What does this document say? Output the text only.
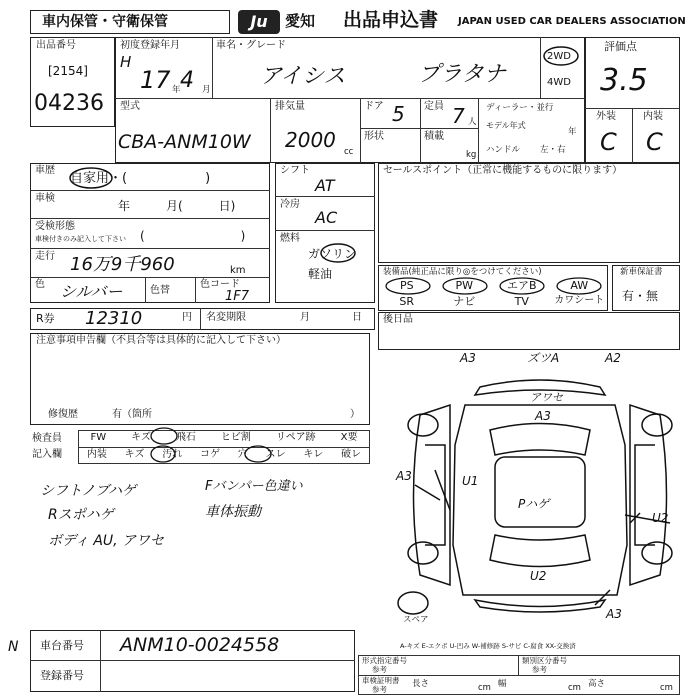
車内保管・守衛保管	Ju	愛知 出品申込書 JAPAN USED CAR DEALERS ASSOCIATION
出品番号
[2154]
04236
初度登録年月
H
17 年 4 月
車名・グレード
アイシス	プラタナ
2WD
4WD
評価点
3.5
外装	内装
C C
型式
CBA-ANM10W
排気量
2000 cc
ドア 5 定員 7 人
形状	積載
kg
ディーラー・並行
モデル年式
年
ハンドル 左・右
車歴
自家用・(　　　　　　)
車検
年　　　月(　　　日)
受検形態
車検付きのみ記入して下さい (　　　　　　　　)
走行 16万9千960	km
色 シルバー	色替
色コード
1F7
シフト
AT
冷房
AC
燃料
ガソリン
軽油
セールスポイント（正常に機能するものに限ります）
装備品(純正品に限り◎をつけてください)
PS	PW	エアB	AW
SR	ナビ	TV	カワシート
新車保証書
有・無
R券 12310	円 名変期限	月	日 後日品
注意事項申告欄（不具合等は具体的に記入して下さい）
修復歴	有（箇所	）
検査員
記入欄
FW キズ 飛石 ヒビ割 リペア跡 X要
内装 キズ 汚れ コゲ 穴 スレ キレ 破レ
シフトノブハゲ	Fバンパー色違い
Rスポハゲ	車体振動
ボディ AU, アワセ
A3	ズツA	A2
アワセ
A3
U1
A3
Pハゲ
U2
U2
A3
スペア
A-キズ E-エクボ U-凹み W-補修跡 S-サビ C-腐食 XX-交換済
N 車台番号 ANM10-0024558
登録番号
形式指定番号
参考
類別区分番号
参考
車検証明書
参考
長さ	cm 幅	cm 高さ	cm
